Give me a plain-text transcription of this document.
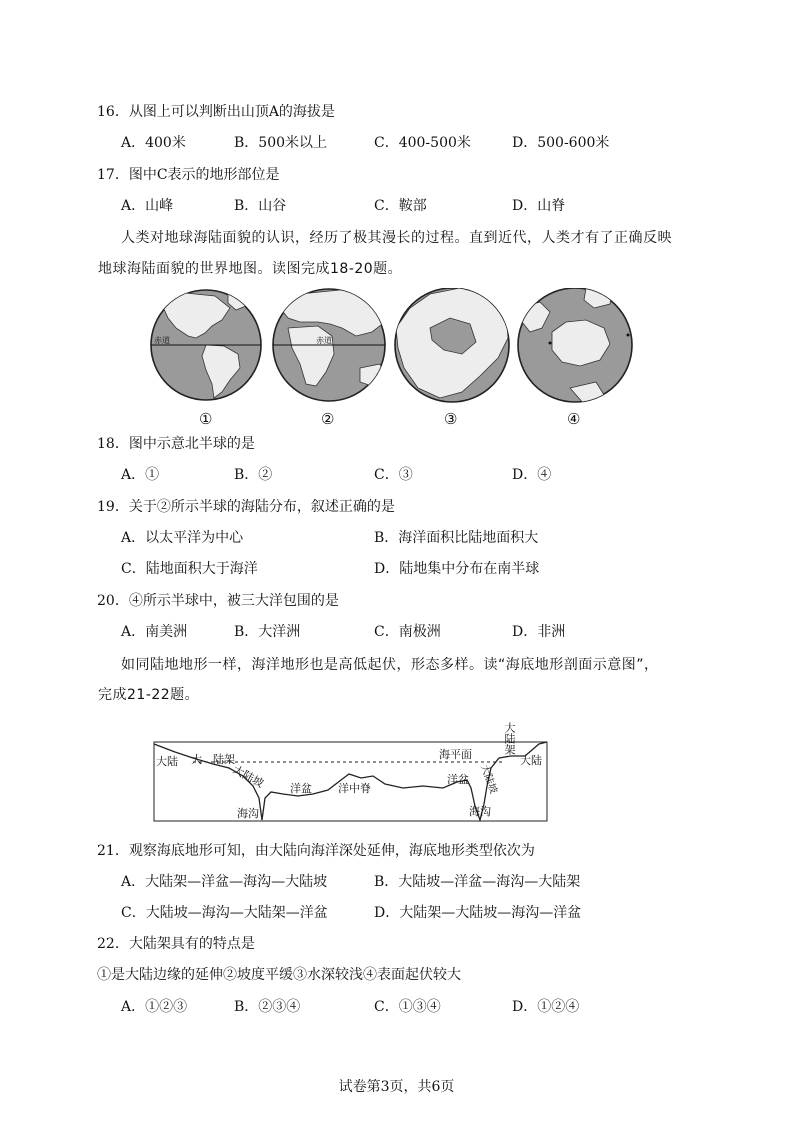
16．从图上可以判断出山顶A的海拔是
A．400米	B．500米以上	C．400-500米	D．500-600米
17．图中C表示的地形部位是
A．山峰	B．山谷	C．鞍部	D．山脊
人类对地球海陆面貌的认识，经历了极其漫长的过程。直到近代，人类才有了正确反映
地球海陆面貌的世界地图。读图完成18-20题。
赤道	赤道
①	②	③	④
18．图中示意北半球的是
A．①	B．②	C．③	D．④
19．关于②所示半球的海陆分布，叙述正确的是
A．以太平洋为中心	B．海洋面积比陆地面积大
C．陆地面积大于海洋	D．陆地集中分布在南半球
20．④所示半球中，被三大洋包围的是
A．南美洲	B．大洋洲	C．南极洲	D．非洲
如同陆地地形一样，海洋地形也是高低起伏，形态多样。读“海底地形剖面示意图”，
完成21-22题。
大陆 大　陆架
大陆坡
海沟
洋盆 洋中脊
洋盆
海平面
海沟
大陆坡
大陆
大陆架
21．观察海底地形可知，由大陆向海洋深处延伸，海底地形类型依次为
A．大陆架—洋盆—海沟—大陆坡	B．大陆坡—洋盆—海沟—大陆架
C．大陆坡—海沟—大陆架—洋盆	D．大陆架—大陆坡—海沟—洋盆
22．大陆架具有的特点是
①是大陆边缘的延伸②坡度平缓③水深较浅④表面起伏较大
A．①②③	B．②③④	C．①③④	D．①②④
试卷第3页，共6页
